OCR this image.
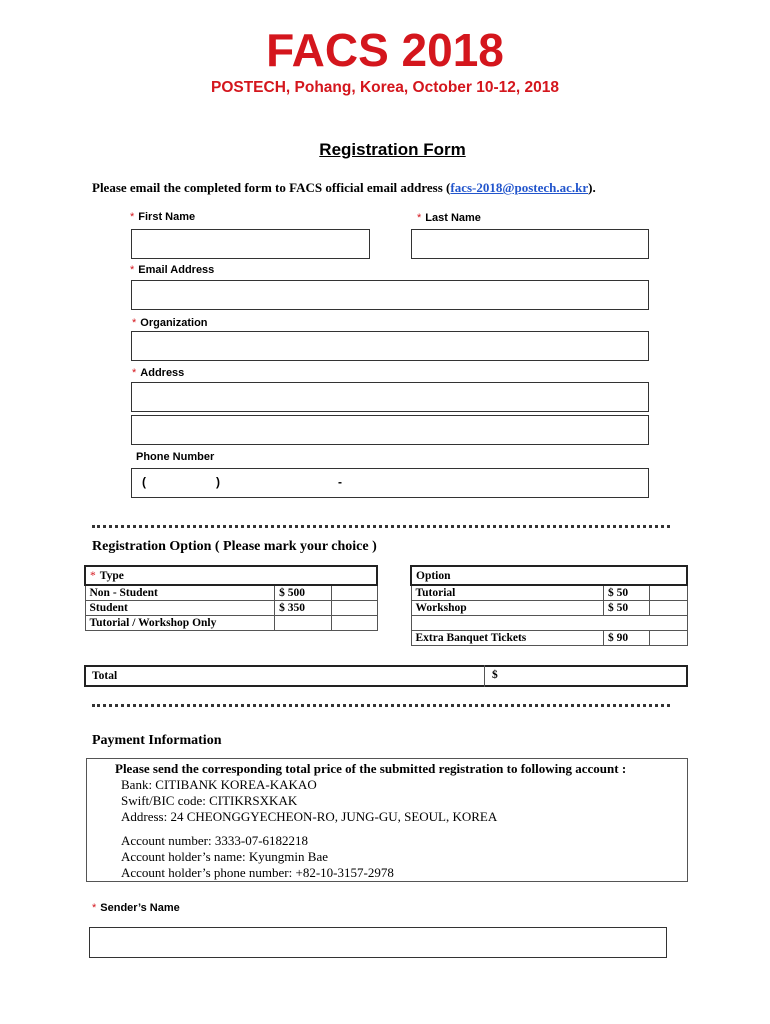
FACS 2018
POSTECH, Pohang, Korea, October 10-12, 2018
Registration Form
Please email the completed form to FACS official email address (facs-2018@postech.ac.kr).
* First Name	* Last Name
* Email Address
* Organization
* Address
Phone Number
(	)	-
Registration Option ( Please mark your choice )
* Type		
Non - Student	$ 500	
Student	$ 350	
Tutorial / Workshop Only		
Option		
Tutorial	$ 50	
Workshop	$ 50	

Extra Banquet Tickets	$ 90	
Total	$
Payment Information
Please send the corresponding total price of the submitted registration to following account :
Bank: CITIBANK KOREA-KAKAO
Swift/BIC code: CITIKRSXKAK
Address: 24 CHEONGGYECHEON-RO, JUNG-GU, SEOUL, KOREA
Account number: 3333-07-6182218
Account holder’s name: Kyungmin Bae
Account holder’s phone number: +82-10-3157-2978
* Sender’s Name
